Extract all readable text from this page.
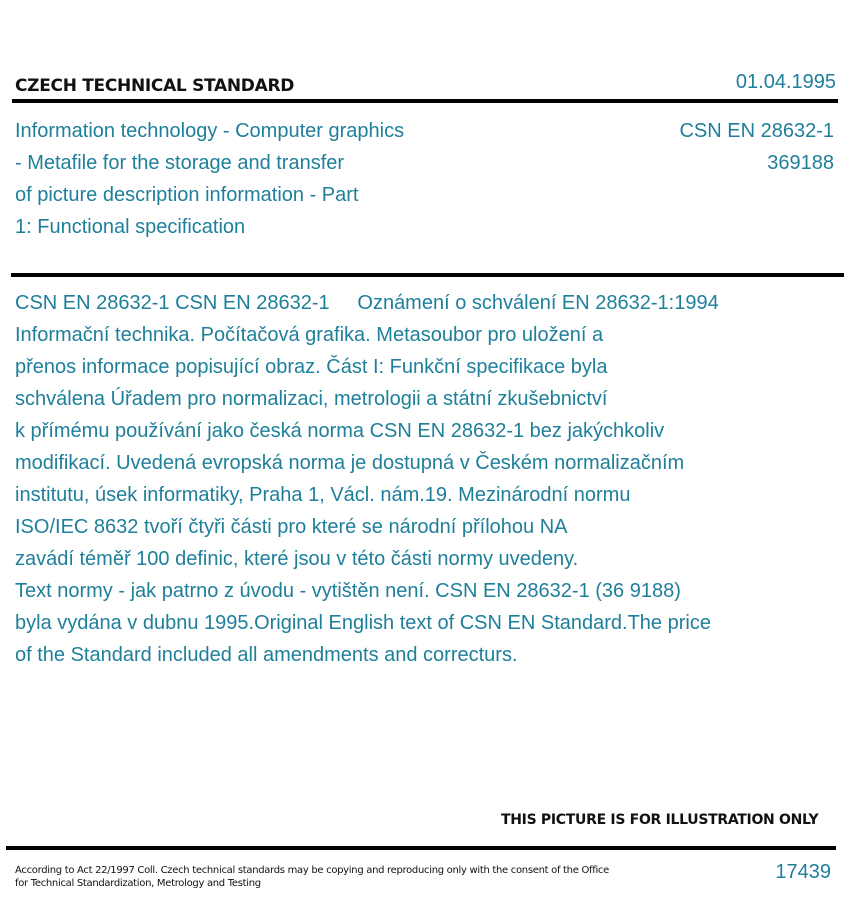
CZECH TECHNICAL STANDARD	01.04.1995
Information technology - Computer graphics
- Metafile for the storage and transfer
of picture description information - Part
1: Functional specification
CSN EN 28632-1
369188
CSN EN 28632-1 CSN EN 28632-1     Oznámení o schválení EN 28632-1:1994
Informační technika. Počítačová grafika. Metasoubor pro uložení a
přenos informace popisující obraz. Část I: Funkční specifikace byla
schválena Úřadem pro normalizaci, metrologii a státní zkušebnictví
k přímému používání jako česká norma CSN EN 28632-1 bez jakýchkoliv
modifikací. Uvedená evropská norma je dostupná v Českém normalizačním
institutu, úsek informatiky, Praha 1, Václ. nám.19. Mezinárodní normu
ISO/IEC 8632 tvoří čtyři části pro které se národní přílohou NA
zavádí téměř 100 definic, které jsou v této části normy uvedeny.
Text normy - jak patrno z úvodu - vytištěn není. CSN EN 28632-1 (36 9188)
byla vydána v dubnu 1995.Original English text of CSN EN Standard.The price
of the Standard included all amendments and correcturs.
THIS PICTURE IS FOR ILLUSTRATION ONLY
According to Act 22/1997 Coll. Czech technical standards may be copying and reproducing only with the consent of the Office
for Technical Standardization, Metrology and Testing
17439
